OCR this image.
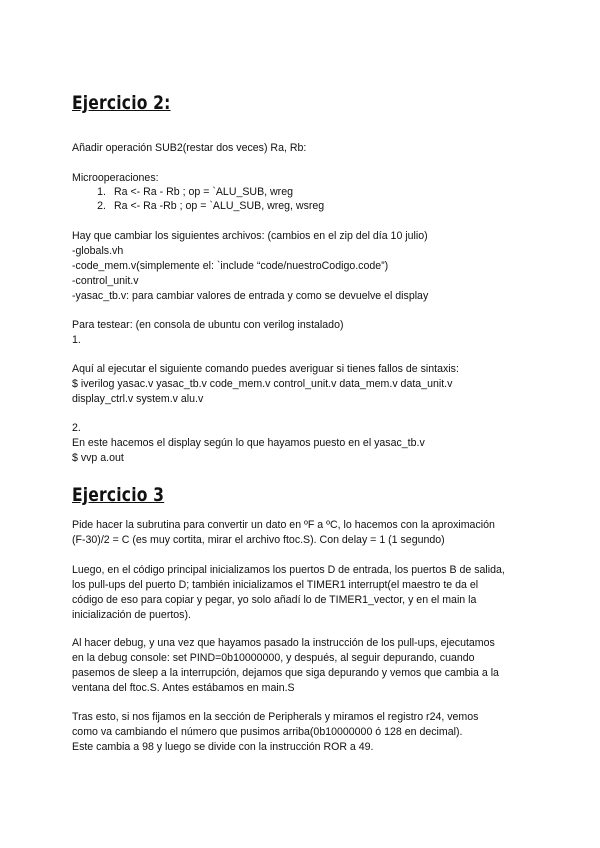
Ejercicio 2:

Añadir operación SUB2(restar dos veces) Ra, Rb:

Microoperaciones:

1. Ra <- Ra - Rb ; op = `ALU_SUB, wreg
2. Ra <- Ra -Rb ; op = `ALU_SUB, wreg, wsreg

Hay que cambiar los siguientes archivos: (cambios en el zip del día 10 julio)

-globals.vh

-code_mem.v(simplemente el: `include “code/nuestroCodigo.code”)

-control_unit.v

-yasac_tb.v: para cambiar valores de entrada y como se devuelve el display

Para testear: (en consola de ubuntu con verilog instalado)

1.

Aquí al ejecutar el siguiente comando puedes averiguar si tienes fallos de sintaxis:

$ iverilog yasac.v yasac_tb.v code_mem.v control_unit.v data_mem.v data_unit.v

display_ctrl.v system.v alu.v

2.

En este hacemos el display según lo que hayamos puesto en el yasac_tb.v

$ vvp a.out

Ejercicio 3

Pide hacer la subrutina para convertir un dato en ºF a ºC, lo hacemos con la aproximación

(F-30)/2 = C (es muy cortita, mirar el archivo ftoc.S). Con delay = 1 (1 segundo)

Luego, en el código principal inicializamos los puertos D de entrada, los puertos B de salida,

los pull-ups del puerto D; también inicializamos el TIMER1 interrupt(el maestro te da el

código de eso para copiar y pegar, yo solo añadí lo de TIMER1_vector, y en el main la

inicialización de puertos).

Al hacer debug, y una vez que hayamos pasado la instrucción de los pull-ups, ejecutamos

en la debug console: set PIND=0b10000000, y después, al seguir depurando, cuando

pasemos de sleep a la interrupción, dejamos que siga depurando y vemos que cambia a la

ventana del ftoc.S. Antes estábamos en main.S

Tras esto, si nos fijamos en la sección de Peripherals y miramos el registro r24, vemos

como va cambiando el número que pusimos arriba(0b10000000 ó 128 en decimal).

Este cambia a 98 y luego se divide con la instrucción ROR a 49.
